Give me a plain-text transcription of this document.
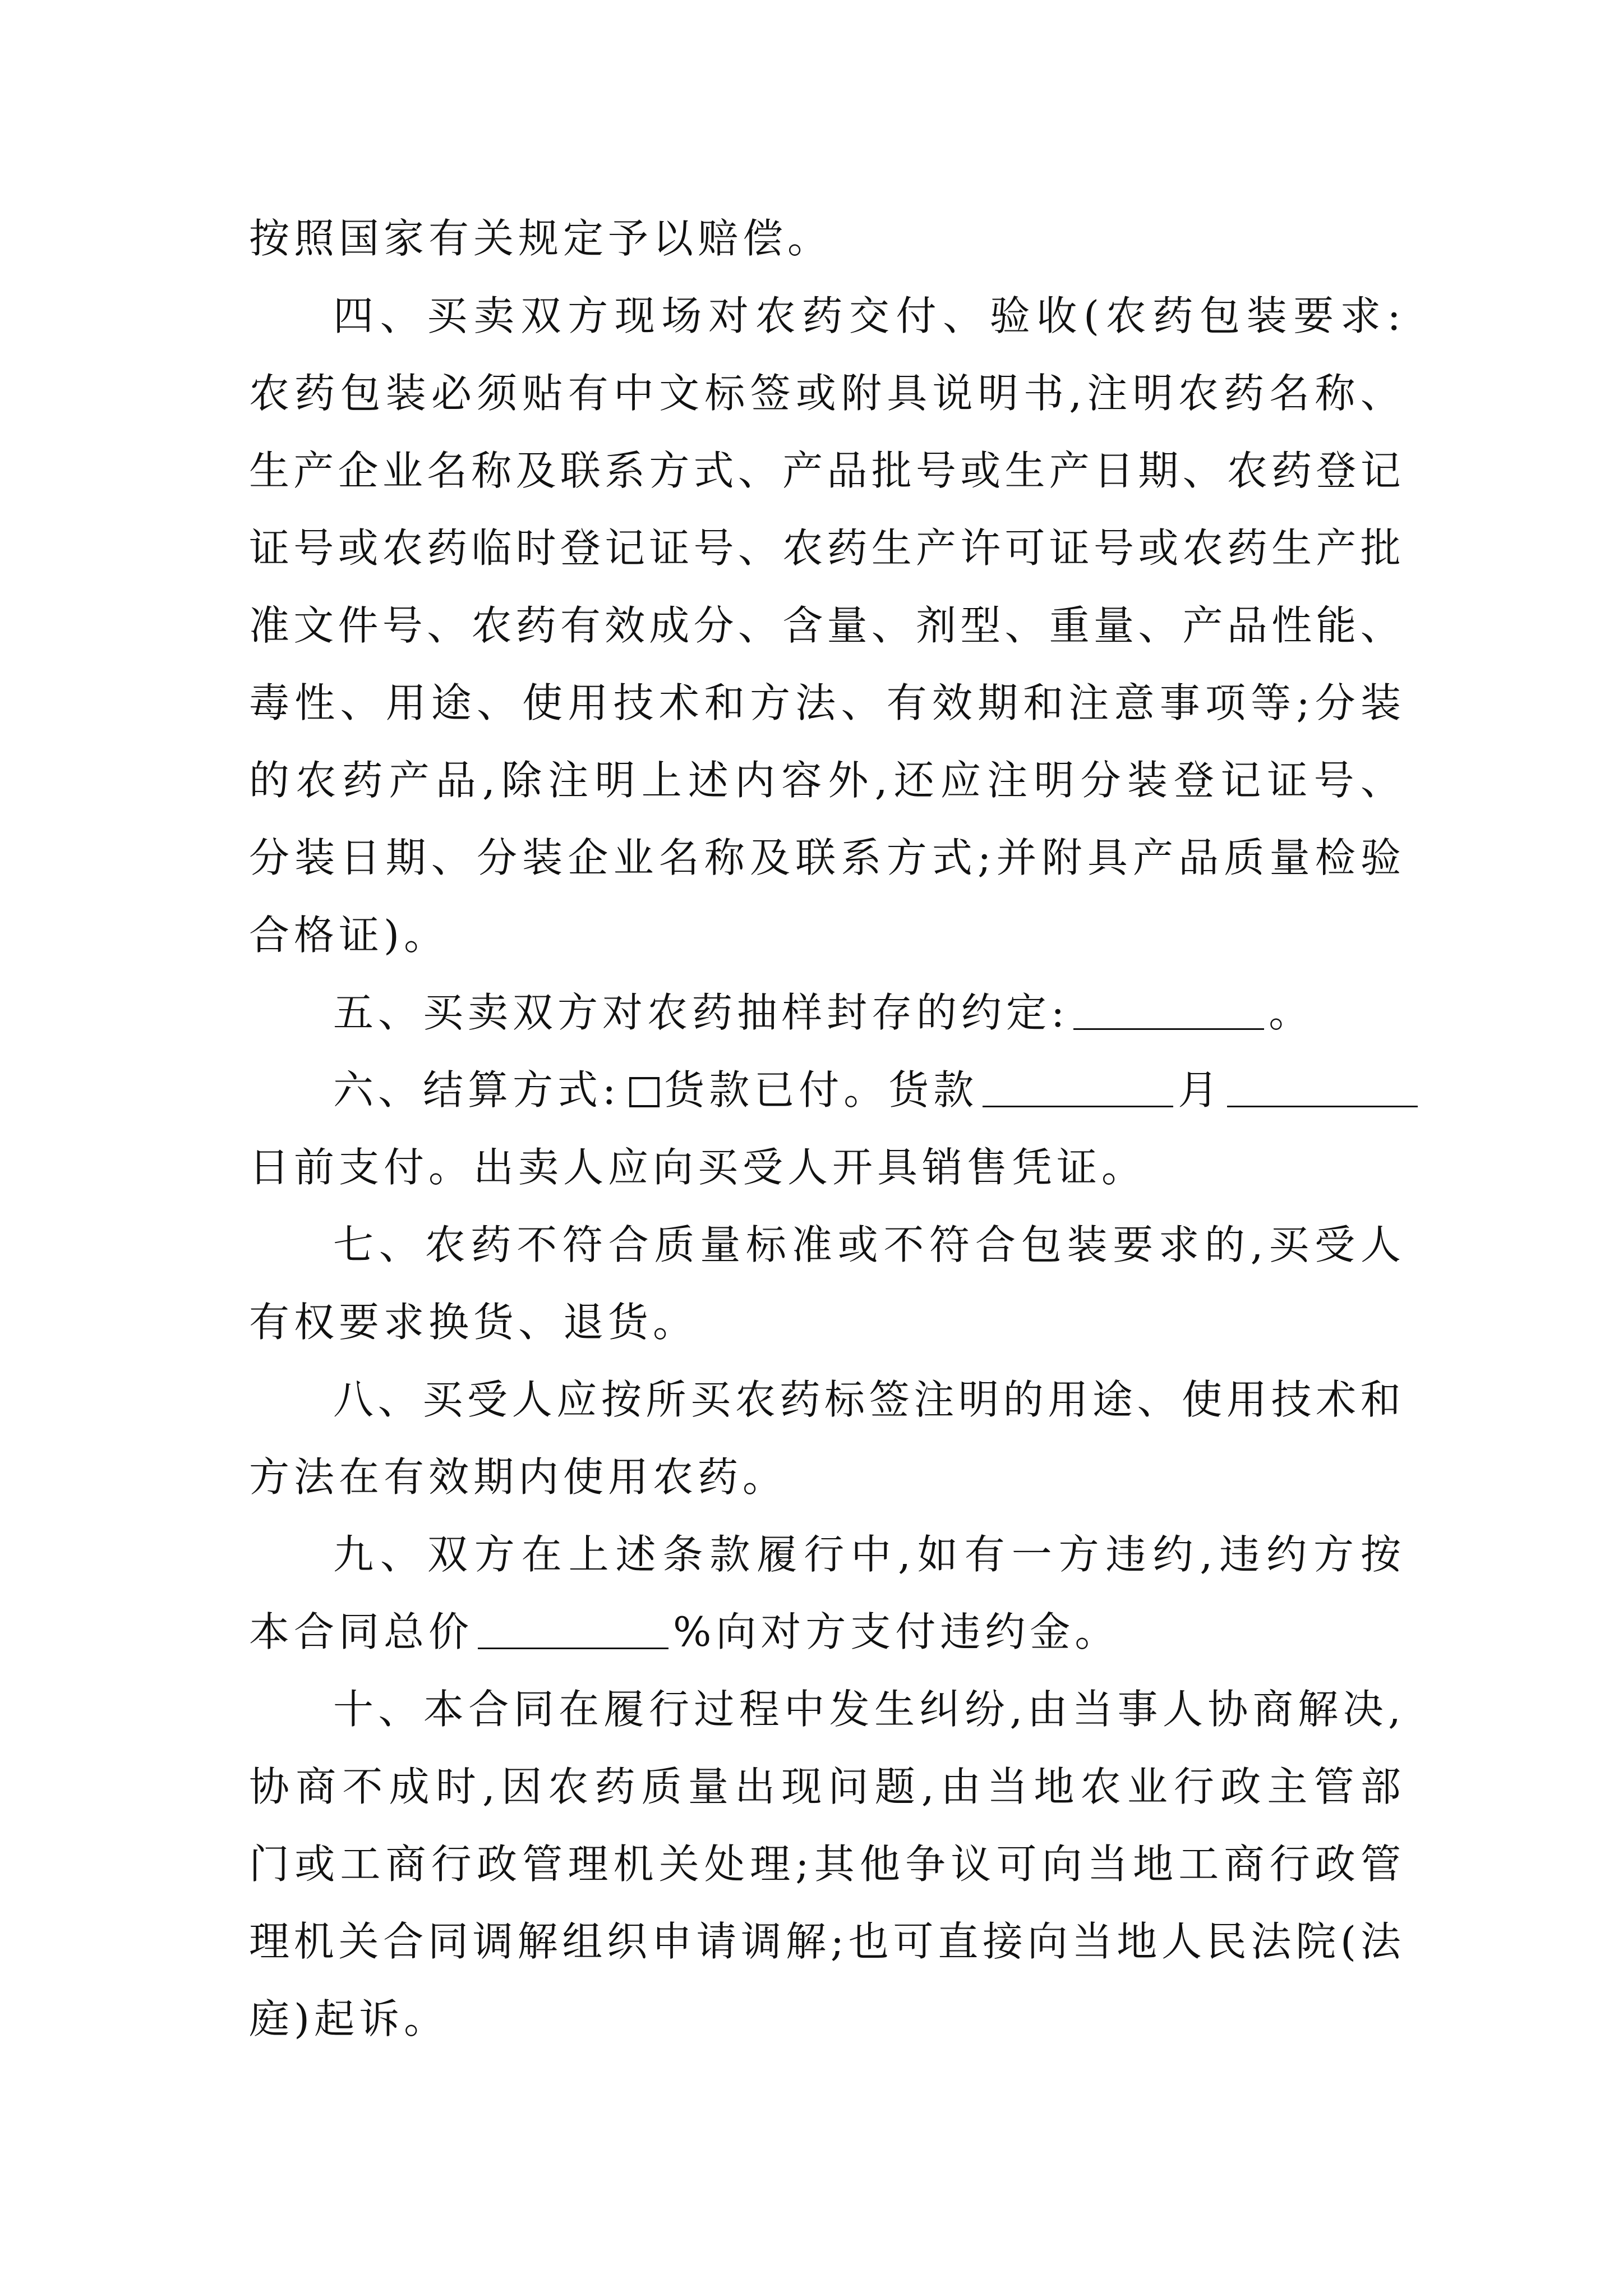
按照国家有关规定予以赔偿。
四 、 买 卖 双 方 现 场 对 农 药 交 付 、 验 收 ( 农 药 包 装 要 求 :
农 药 包 装 必 须 贴 有 中 文 标 签 或 附 具 说 明 书 , 注 明 农 药 名 称 、
生 产 企 业 名 称 及 联 系 方 式 、 产 品 批 号 或 生 产 日 期 、 农 药 登 记
证 号 或 农 药 临 时 登 记 证 号 、 农 药 生 产 许 可 证 号 或 农 药 生 产 批
准 文 件 号 、 农 药 有 效 成 分 、 含 量 、 剂 型 、 重 量 、 产 品 性 能 、
毒 性 、 用 途 、 使 用 技 术 和 方 法 、 有 效 期 和 注 意 事 项 等 ; 分 装
的 农 药 产 品 , 除 注 明 上 述 内 容 外 , 还 应 注 明 分 装 登 记 证 号 、
分 装 日 期 、 分 装 企 业 名 称 及 联 系 方 式 ; 并 附 具 产 品 质 量 检 验
合格证)。
五、买卖双方对农药抽样封存的约定:	。
六、结算方式: 货款已付。货款	月
日前支付。出卖人应向买受人开具销售凭证。
七 、 农 药 不 符 合 质 量 标 准 或 不 符 合 包 装 要 求 的 , 买 受 人
有权要求换货、退货。
八 、 买 受 人 应 按 所 买 农 药 标 签 注 明 的 用 途 、 使 用 技 术 和
方法在有效期内使用农药。
九 、 双 方 在 上 述 条 款 履 行 中 , 如 有 一 方 违 约 , 违 约 方 按
本合同总价	%向对方支付违约金。
十 、 本 合 同 在 履 行 过 程 中 发 生 纠 纷 , 由 当 事 人 协 商 解 决 ,
协 商 不 成 时 , 因 农 药 质 量 出 现 问 题 , 由 当 地 农 业 行 政 主 管 部
门 或 工 商 行 政 管 理 机 关 处 理 ; 其 他 争 议 可 向 当 地 工 商 行 政 管
理 机 关 合 同 调 解 组 织 申 请 调 解 ; 也 可 直 接 向 当 地 人 民 法 院 ( 法
庭)起诉。
